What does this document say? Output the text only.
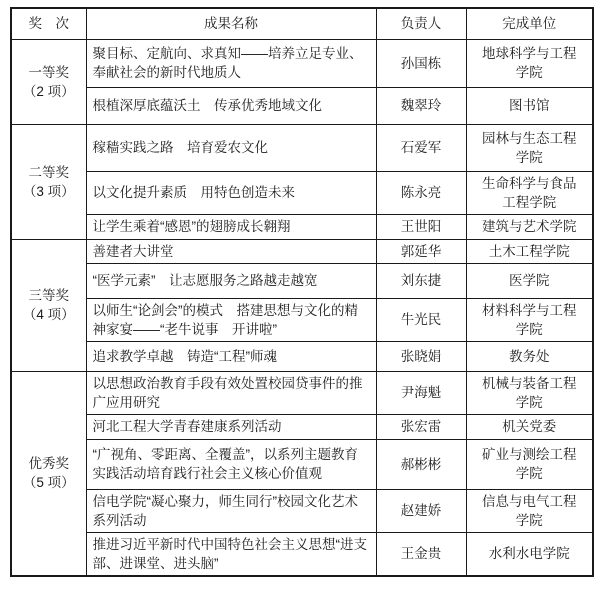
奖　次	成果名称	负责人	完成单位

一等奖
（2 项）	聚目标、定航向、求真知——培养立足专业、奉献社会的新时代地质人	孙国栋	地球科学与工程学院
	根植深厚底蕴沃土　传承优秀地域文化	魏翠玲	图书馆

二等奖
（3 项）	稼穑实践之路　培育爱农文化	石爱军	园林与生态工程学院
	以文化提升素质　用特色创造未来	陈永亮	生命科学与食品工程学院
	让学生乘着“感恩”的翅膀成长翱翔	王世阳	建筑与艺术学院

三等奖
（4 项）	善建者大讲堂	郭延华	土木工程学院
	“医学元素”　让志愿服务之路越走越宽	刘东捷	医学院
	以师生“论剑会”的模式　搭建思想与文化的精神家宴——“老牛说事　开讲啦”	牛光民	材料科学与工程学院
	追求教学卓越　铸造“工程”师魂	张晓娟	教务处

优秀奖
（5 项）	以思想政治教育手段有效处置校园贷事件的推广应用研究	尹海魁	机械与装备工程学院
	河北工程大学青春建康系列活动	张宏雷	机关党委
	“广视角、零距离、全覆盖”，以系列主题教育实践活动培育践行社会主义核心价值观	郝彬彬	矿业与测绘工程学院
	信电学院“凝心聚力，师生同行”校园文化艺术系列活动	赵建娇	信息与电气工程学院
	推进习近平新时代中国特色社会主义思想“进支部、进课堂、进头脑”	王金贵	水利水电学院
